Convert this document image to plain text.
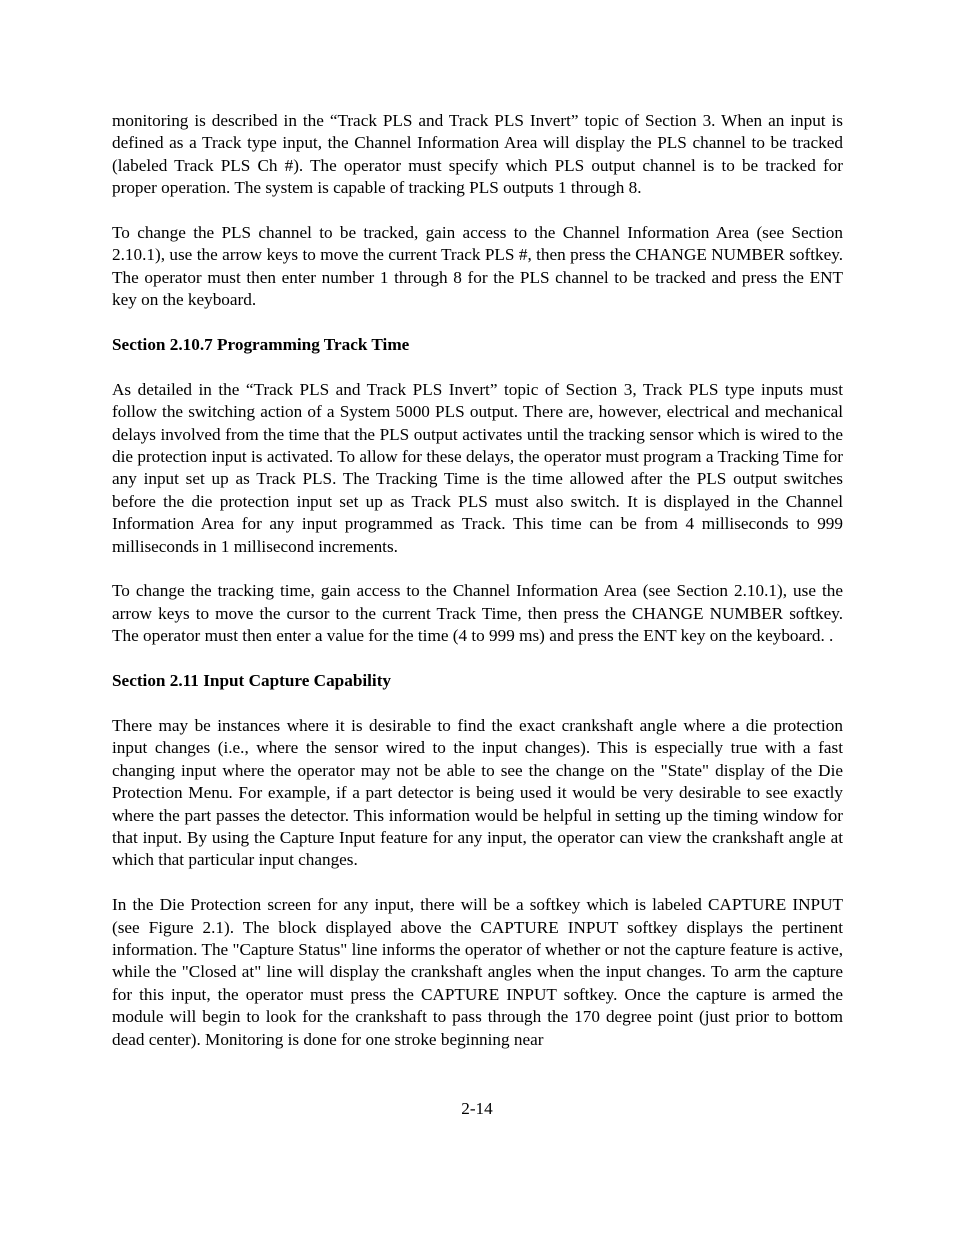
monitoring is described in the “Track PLS and Track PLS Invert” topic of Section 3. When an input is defined as a Track type input, the Channel Information Area will display the PLS channel to be tracked (labeled Track PLS Ch #). The operator must specify which PLS output channel is to be tracked for proper operation. The system is capable of tracking PLS outputs 1 through 8.

To change the PLS channel to be tracked, gain access to the Channel Information Area (see Section 2.10.1), use the arrow keys to move the current Track PLS #, then press the CHANGE NUMBER softkey. The operator must then enter number 1 through 8 for the PLS channel to be tracked and press the ENT key on the keyboard.

Section 2.10.7 Programming Track Time

As detailed in the “Track PLS and Track PLS Invert” topic of Section 3, Track PLS type inputs must follow the switching action of a System 5000 PLS output. There are, however, electrical and mechanical delays involved from the time that the PLS output activates until the tracking sensor which is wired to the die protection input is activated. To allow for these delays, the operator must program a Tracking Time for any input set up as Track PLS. The Tracking Time is the time allowed after the PLS output switches before the die protection input set up as Track PLS must also switch. It is displayed in the Channel Information Area for any input programmed as Track. This time can be from 4 milliseconds to 999 milliseconds in 1 millisecond increments.

To change the tracking time, gain access to the Channel Information Area (see Section 2.10.1), use the arrow keys to move the cursor to the current Track Time, then press the CHANGE NUMBER softkey. The operator must then enter a value for the time (4 to 999 ms) and press the ENT key on the keyboard. .

Section 2.11 Input Capture Capability

There may be instances where it is desirable to find the exact crankshaft angle where a die protection input changes (i.e., where the sensor wired to the input changes). This is especially true with a fast changing input where the operator may not be able to see the change on the "State" display of the Die Protection Menu. For example, if a part detector is being used it would be very desirable to see exactly where the part passes the detector. This information would be helpful in setting up the timing window for that input. By using the Capture Input feature for any input, the operator can view the crankshaft angle at which that particular input changes.

In the Die Protection screen for any input, there will be a softkey which is labeled CAPTURE INPUT (see Figure 2.1). The block displayed above the CAPTURE INPUT softkey displays the pertinent information. The "Capture Status" line informs the operator of whether or not the capture feature is active, while the "Closed at" line will display the crankshaft angles when the input changes. To arm the capture for this input, the operator must press the CAPTURE INPUT softkey. Once the capture is armed the module will begin to look for the crankshaft to pass through the 170 degree point (just prior to bottom dead center). Monitoring is done for one stroke beginning near

2-14
